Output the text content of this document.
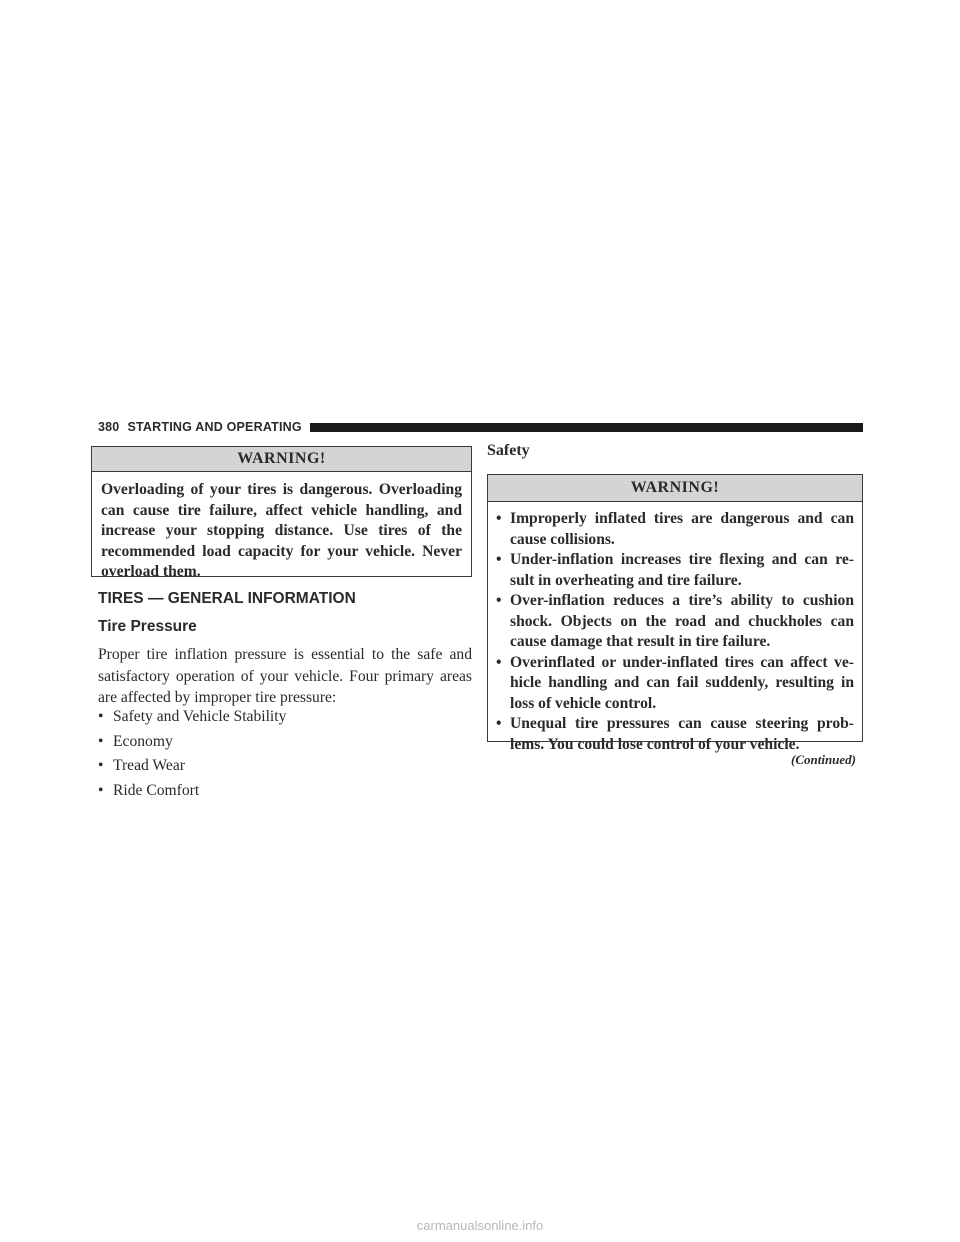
380 STARTING AND OPERATING
WARNING!
Overloading of your tires is dangerous. Overloading can cause tire failure, affect vehicle handling, and increase your stopping distance. Use tires of the recommended load capacity for your vehicle. Never overload them.
TIRES — GENERAL INFORMATION
Tire Pressure

Proper tire inflation pressure is essential to the safe and satisfactory operation of your vehicle. Four primary areas are affected by improper tire pressure:

• Safety and Vehicle Stability
• Economy
• Tread Wear
• Ride Comfort
Safety
WARNING!
• Improperly inflated tires are dangerous and can cause collisions.
• Under-inflation increases tire flexing and can re- sult in overheating and tire failure.
• Over-inflation reduces a tire’s ability to cushion shock. Objects on the road and chuckholes can cause damage that result in tire failure.
• Overinflated or under-inflated tires can affect ve- hicle handling and can fail suddenly, resulting in loss of vehicle control.
• Unequal tire pressures can cause steering prob- lems. You could lose control of your vehicle.
(Continued)
carmanualsonline.info
